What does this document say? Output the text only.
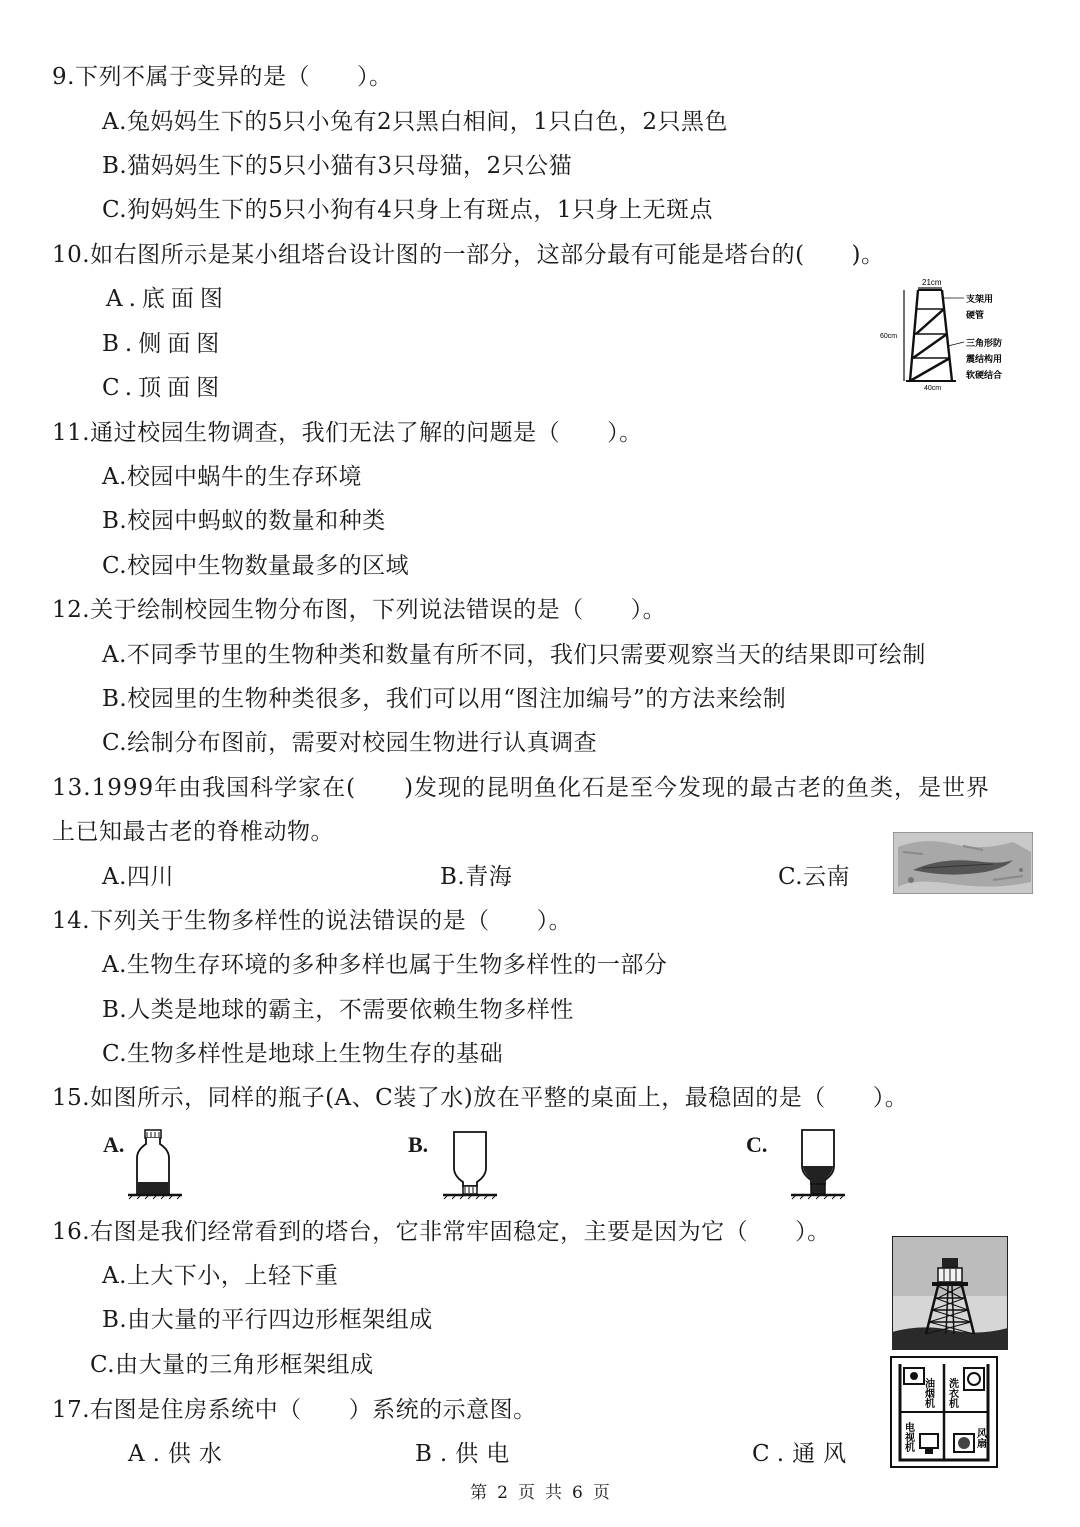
9.下列不属于变异的是（　　）。
A.兔妈妈生下的5只小兔有2只黑白相间，1只白色，2只黑色
B.猫妈妈生下的5只小猫有3只母猫，2只公猫
C.狗妈妈生下的5只小狗有4只身上有斑点，1只身上无斑点
10.如右图所示是某小组塔台设计图的一部分，这部分最有可能是塔台的(　　)。
A.底面图
B.侧面图
C.顶面图
21cm
60cm
40cm
支架用
硬管
三角形防
震结构用
软硬结合
11.通过校园生物调查，我们无法了解的问题是（　　）。
A.校园中蜗牛的生存环境
B.校园中蚂蚁的数量和种类
C.校园中生物数量最多的区域
12.关于绘制校园生物分布图，下列说法错误的是（　　）。
A.不同季节里的生物种类和数量有所不同，我们只需要观察当天的结果即可绘制
B.校园里的生物种类很多，我们可以用“图注加编号”的方法来绘制
C.绘制分布图前，需要对校园生物进行认真调查
13.1999年由我国科学家在(　　)发现的昆明鱼化石是至今发现的最古老的鱼类，是世界
上已知最古老的脊椎动物。
A.四川	B.青海	C.云南
14.下列关于生物多样性的说法错误的是（　　）。
A.生物生存环境的多种多样也属于生物多样性的一部分
B.人类是地球的霸主，不需要依赖生物多样性
C.生物多样性是地球上生物生存的基础
15.如图所示，同样的瓶子(A、C装了水)放在平整的桌面上，最稳固的是（　　）。
A.	B.	C.
16.右图是我们经常看到的塔台，它非常牢固稳定，主要是因为它（　　）。
A.上大下小，上轻下重
B.由大量的平行四边形框架组成
C.由大量的三角形框架组成
17.右图是住房系统中（　　）系统的示意图。
A.供水	B.供电	C.通风
油烟机 洗衣机
电视机	风扇
第 2 页 共 6 页
